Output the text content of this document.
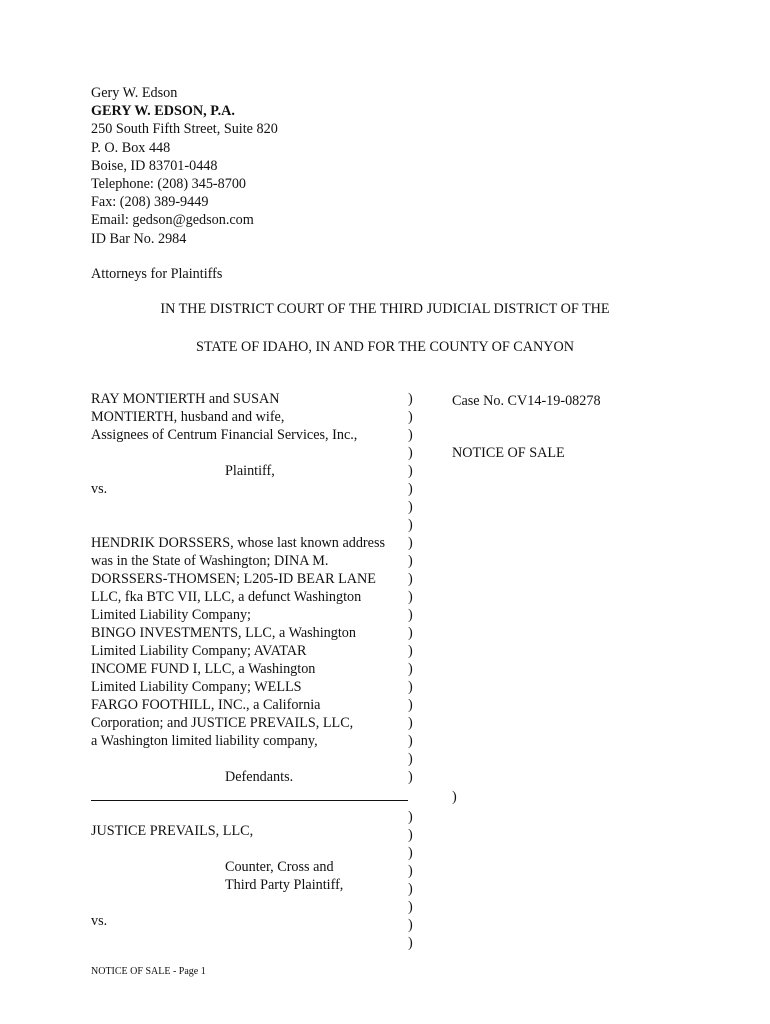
Gery W. Edson
GERY W. EDSON, P.A.
250 South Fifth Street, Suite 820
P. O. Box 448
Boise, ID 83701-0448
Telephone: (208) 345-8700
Fax: (208) 389-9449
Email: gedson@gedson.com
ID Bar No. 2984
Attorneys for Plaintiffs
IN THE DISTRICT COURT OF THE THIRD JUDICIAL DISTRICT OF THE
STATE OF IDAHO, IN AND FOR THE COUNTY OF CANYON
RAY MONTIERTH and SUSAN
MONTIERTH, husband and wife,
Assignees of Centrum Financial Services, Inc.,
Plaintiff,
vs.
HENDRIK DORSSERS, whose last known address
was in the State of Washington; DINA M.
DORSSERS-THOMSEN; L205-ID BEAR LANE
LLC, fka BTC VII, LLC, a defunct Washington
Limited Liability Company;
BINGO INVESTMENTS, LLC, a Washington
Limited Liability Company; AVATAR
INCOME FUND I, LLC, a Washington
Limited Liability Company; WELLS
FARGO FOOTHILL, INC., a California
Corporation; and JUSTICE PREVAILS, LLC,
a Washington limited liability company,
Defendants.
)
)
)
)
)
)
)
)
)
)
)
)
)
)
)
)
)
)
)
)
)
)
Case No. CV14-19-08278
NOTICE OF SALE
)
JUSTICE PREVAILS, LLC,
Counter, Cross and
Third Party Plaintiff,
vs.
)
)
)
)
)
)
)
)
NOTICE OF SALE - Page 1
